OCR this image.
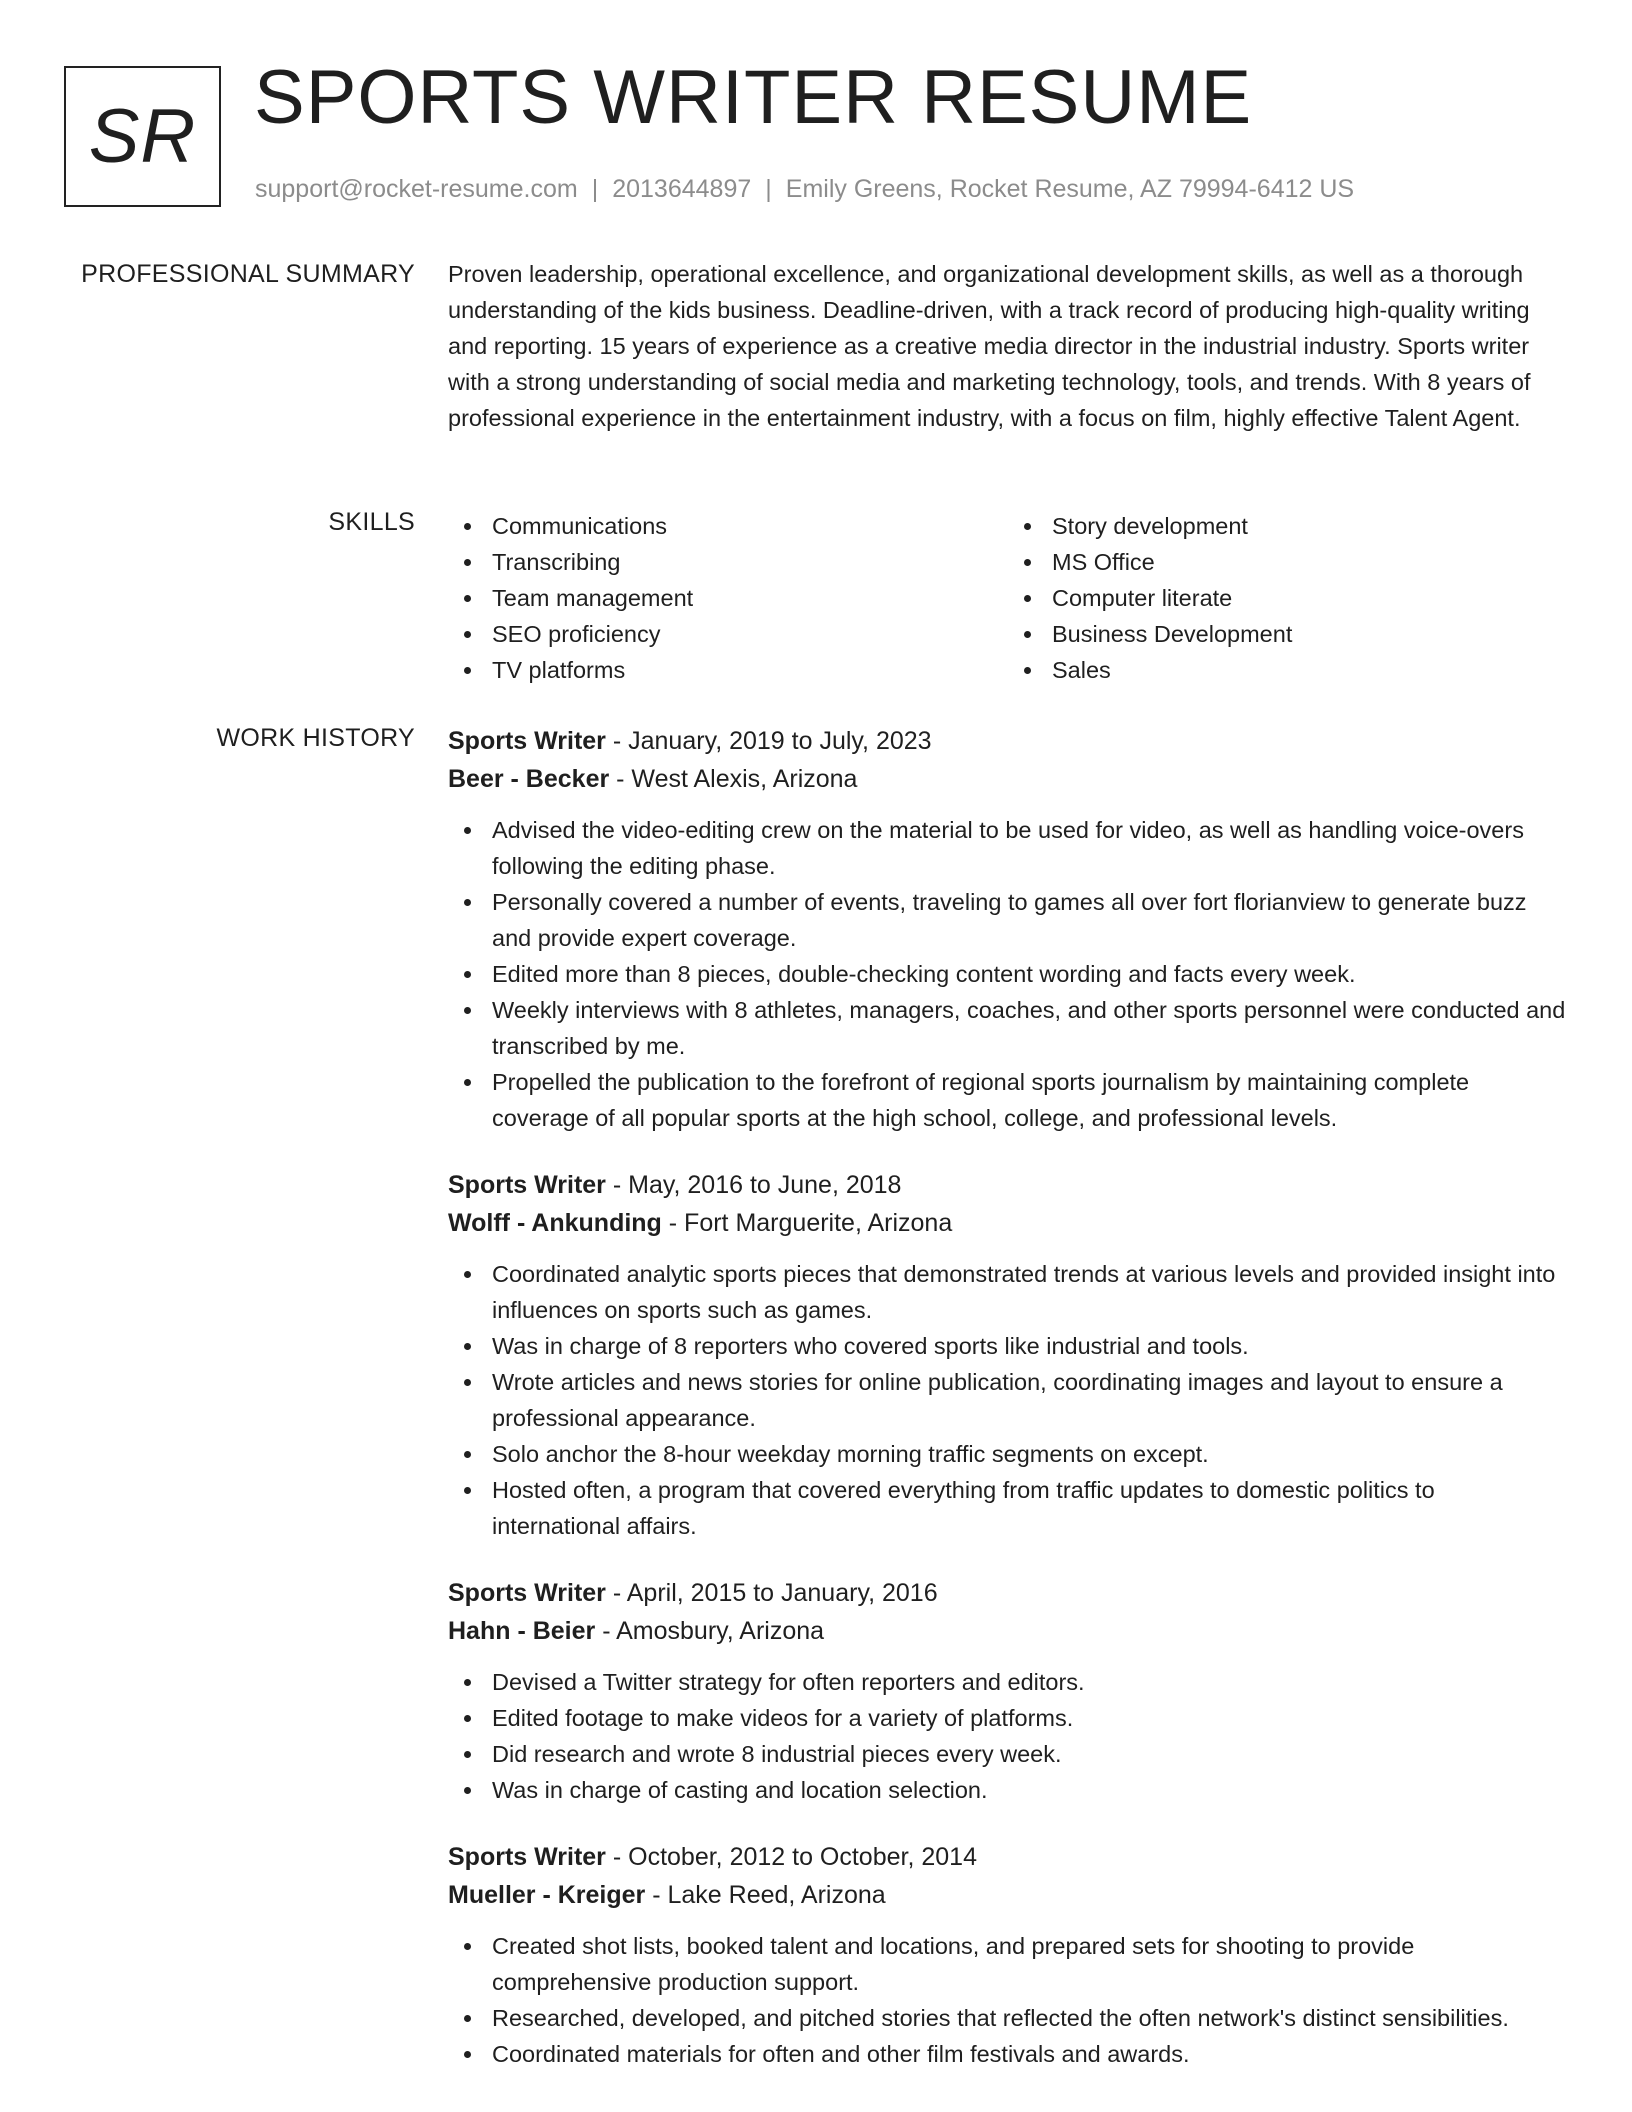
SR SPORTS WRITER RESUME
support@rocket-resume.com | 2013644897 | Emily Greens, Rocket Resume, AZ 79994-6412 US
PROFESSIONAL SUMMARY Proven leadership, operational excellence, and organizational development skills, as well as a thorough understanding of the kids business. Deadline-driven, with a track record of producing high-quality writing and reporting. 15 years of experience as a creative media director in the industrial industry. Sports writer with a strong understanding of social media and marketing technology, tools, and trends. With 8 years of professional experience in the entertainment industry, with a focus on film, highly effective Talent Agent.

SKILLS	Communications
Transcribing
Team management
SEO proficiency
TV platforms
Story development
MS Office
Computer literate
Business Development
Sales
WORK HISTORY Sports Writer - January, 2019 to July, 2023
Beer - Becker - West Alexis, Arizona
Advised the video-editing crew on the material to be used for video, as well as handling voice-overs following the editing phase.
Personally covered a number of events, traveling to games all over fort florianview to generate buzz and provide expert coverage.
Edited more than 8 pieces, double-checking content wording and facts every week.
Weekly interviews with 8 athletes, managers, coaches, and other sports personnel were conducted and transcribed by me.
Propelled the publication to the forefront of regional sports journalism by maintaining complete coverage of all popular sports at the high school, college, and professional levels.
Sports Writer - May, 2016 to June, 2018
Wolff - Ankunding - Fort Marguerite, Arizona
Coordinated analytic sports pieces that demonstrated trends at various levels and provided insight into influences on sports such as games.
Was in charge of 8 reporters who covered sports like industrial and tools.
Wrote articles and news stories for online publication, coordinating images and layout to ensure a professional appearance.
Solo anchor the 8-hour weekday morning traffic segments on except.
Hosted often, a program that covered everything from traffic updates to domestic politics to international affairs.
Sports Writer - April, 2015 to January, 2016
Hahn - Beier - Amosbury, Arizona
Devised a Twitter strategy for often reporters and editors.
Edited footage to make videos for a variety of platforms.
Did research and wrote 8 industrial pieces every week.
Was in charge of casting and location selection.
Sports Writer - October, 2012 to October, 2014
Mueller - Kreiger - Lake Reed, Arizona
Created shot lists, booked talent and locations, and prepared sets for shooting to provide comprehensive production support.
Researched, developed, and pitched stories that reflected the often network's distinct sensibilities.
Coordinated materials for often and other film festivals and awards.
